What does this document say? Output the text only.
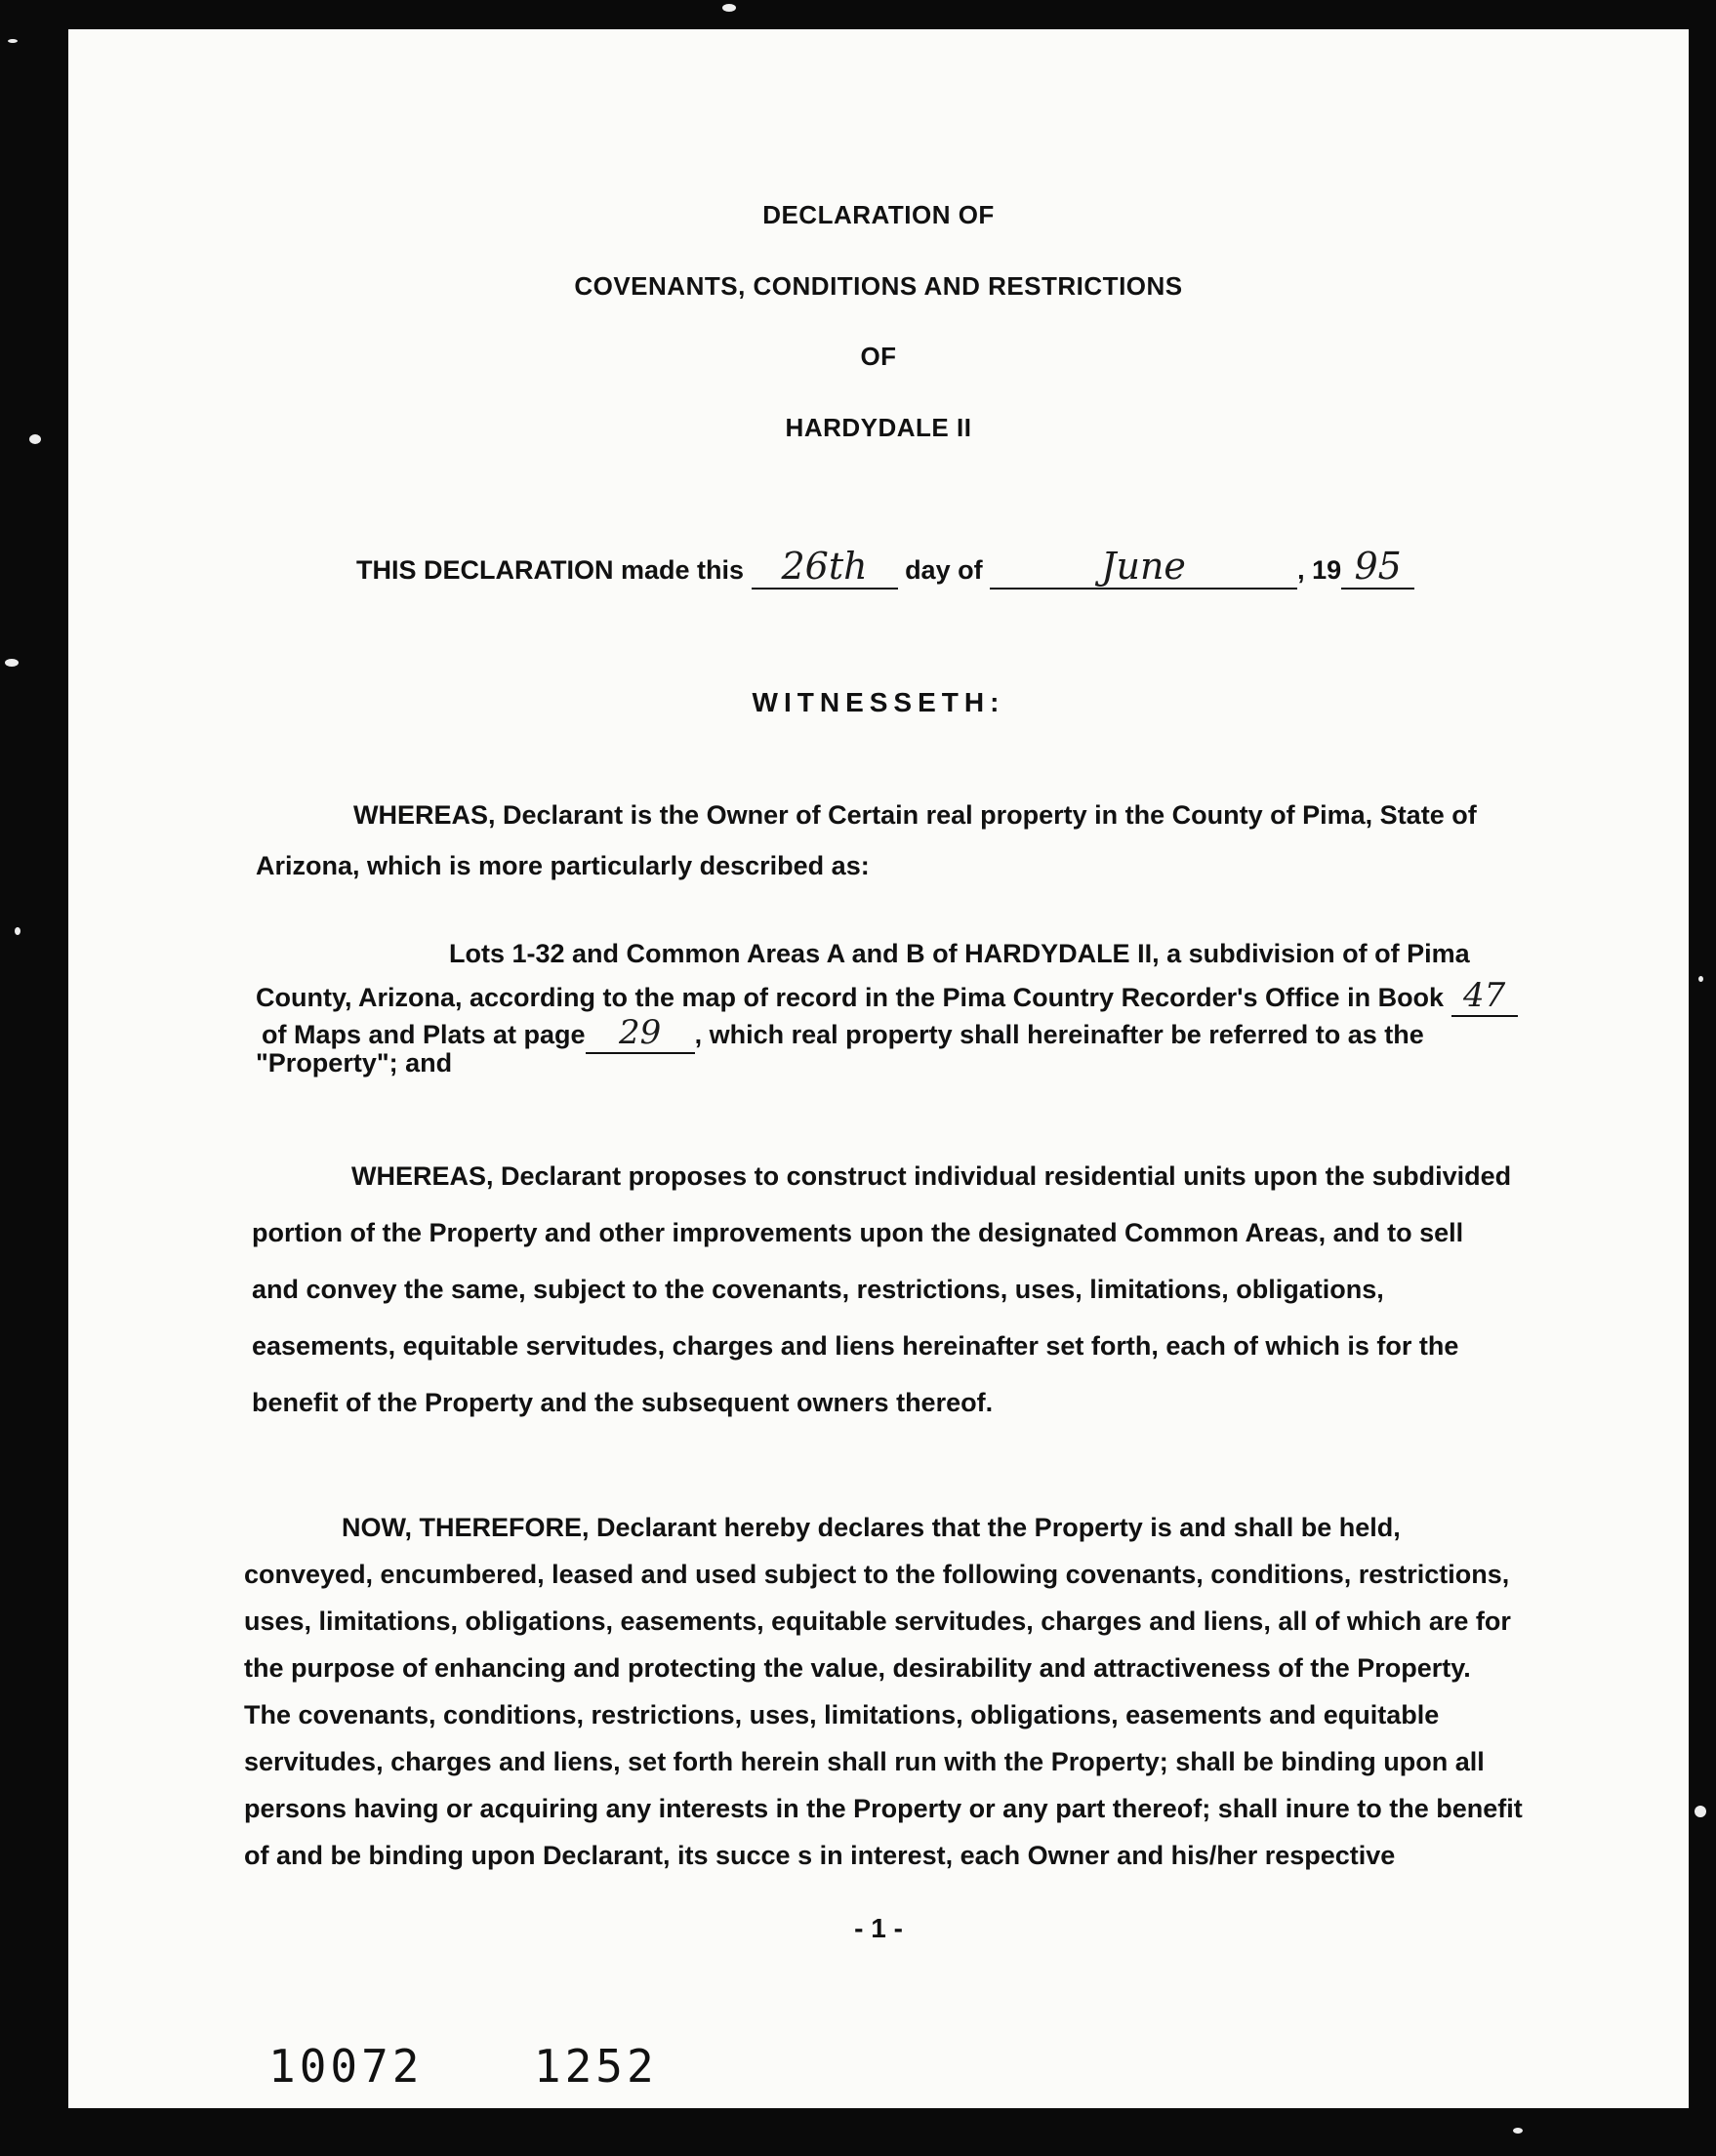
DECLARATION OF
COVENANTS, CONDITIONS AND RESTRICTIONS
OF
HARDYDALE II
THIS DECLARATION made this 26th day of	June	, 19 95
WITNESSETH:
WHEREAS, Declarant is the Owner of Certain real property in the County of Pima, State of
Arizona, which is more particularly described as:
Lots 1-32 and Common Areas A and B of HARDYDALE II, a subdivision of of Pima
County, Arizona, according to the map of record in the Pima Country Recorder's Office in Book 47
of Maps and Plats at page 29 , which real property shall hereinafter be referred to as the
"Property"; and
WHEREAS, Declarant proposes to construct individual residential units upon the subdivided
portion of the Property and other improvements upon the designated Common Areas, and to sell
and convey the same, subject to the covenants, restrictions, uses, limitations, obligations,
easements, equitable servitudes, charges and liens hereinafter set forth, each of which is for the
benefit of the Property and the subsequent owners thereof.
NOW, THEREFORE, Declarant hereby declares that the Property is and shall be held,
conveyed, encumbered, leased and used subject to the following covenants, conditions, restrictions,
uses, limitations, obligations, easements, equitable servitudes, charges and liens, all of which are for
the purpose of enhancing and protecting the value, desirability and attractiveness of the Property.
The covenants, conditions, restrictions, uses, limitations, obligations, easements and equitable
servitudes, charges and liens, set forth herein shall run with the Property; shall be binding upon all
persons having or acquiring any interests in the Property or any part thereof; shall inure to the benefit
of and be binding upon Declarant, its succe s in interest, each Owner and his/her respective
- 1 -
10072 1252
